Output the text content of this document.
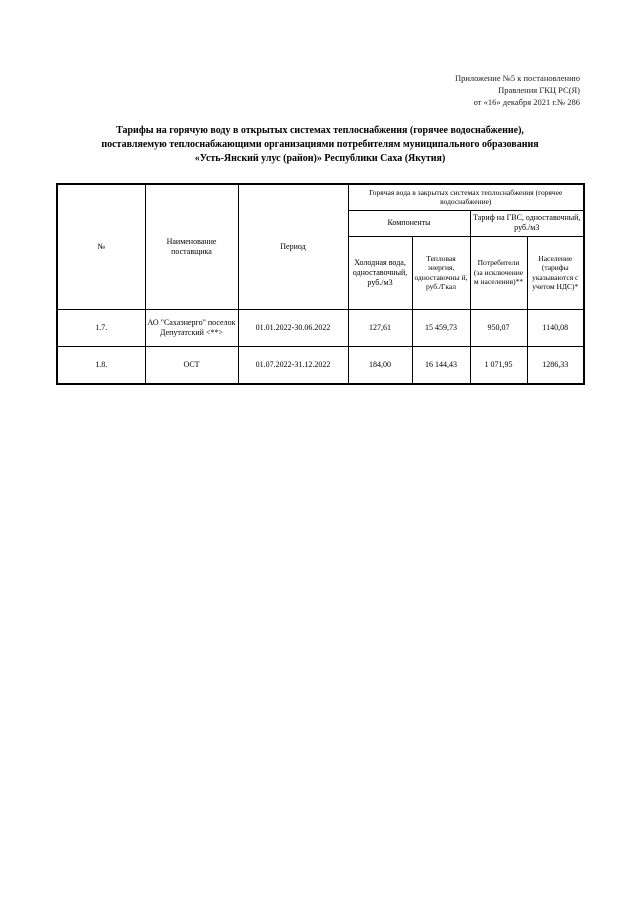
Приложение №5 к постановлению
Правления ГКЦ РС(Я)
от «16» декабря 2021 г.№ 286
Тарифы на горячую воду в открытых системах теплоснабжения (горячее водоснабжение),
поставляемую теплоснабжающими организациями потребителям муниципального образования
«Усть-Янский улус (район)» Республики Саха (Якутия)
№	Наименование поставщика	Период	Горячая вода в закрытых системах теплоснабжения (горячее водоснабжение)			
			Компоненты		Тариф на ГВС, одноставочный, руб./м3	
			Холодная вода, одноставочный, руб./м3	Тепловая энергия, одноставочны й, руб./Гкал	Потребители (за исключение м населения)**	Население (тарифы указываются с учетом НДС)*
1.7.	АО "Сахаэнерго" поселок Депутатский <**>	01.01.2022-30.06.2022	127,61	15 459,73	950,07	1140,08
1.8.	ОСТ	01.07.2022-31.12.2022	184,00	16 144,43	1 071,95	1286,33
